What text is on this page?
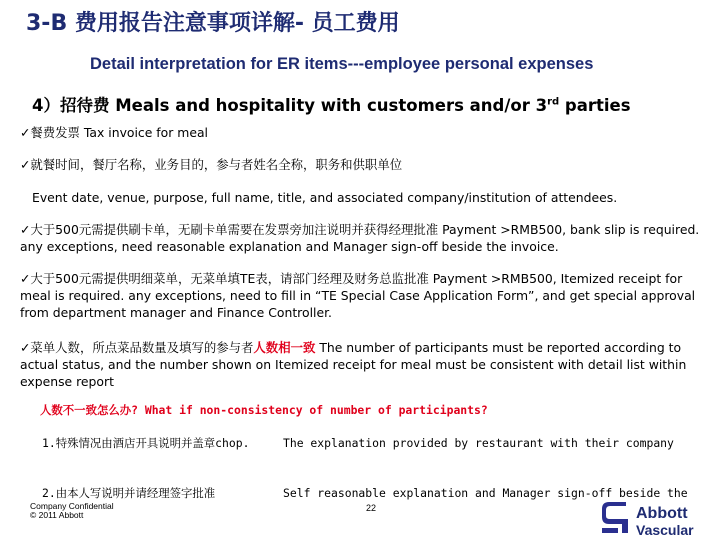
3-B 费用报告注意事项详解- 员工费用
Detail interpretation for ER items---employee personal expenses
4）招待费 Meals and hospitality with customers and/or 3rd parties
✓餐费发票 Tax invoice for meal
✓就餐时间，餐厅名称，业务目的，参与者姓名全称，职务和供职单位
Event date, venue, purpose, full name, title, and associated company/institution of attendees.
✓大于500元需提供刷卡单，无刷卡单需要在发票旁加注说明并获得经理批准 Payment >RMB500, bank slip is required. any exceptions, need reasonable explanation and Manager sign-off beside the invoice.
✓大于500元需提供明细菜单，无菜单填TE表，请部门经理及财务总监批准 Payment >RMB500, Itemized receipt for meal is required. any exceptions, need to fill in “TE Special Case Application Form”, and get special approval from department manager and Finance Controller.
✓菜单人数，所点菜品数量及填写的参与者人数相一致 The number of participants must be reported according to actual status, and the number shown on Itemized receipt for meal must be consistent with detail list within expense report
人数不一致怎么办? What if non-consistency of number of participants?
1.特殊情况由酒店开具说明并盖章chop.	The explanation provided by restaurant with their company
2.由本人写说明并请经理签字批准	Self reasonable explanation and Manager sign-off beside the
Company Confidential
© 2011 Abbott
22	Abbott
Vascular
